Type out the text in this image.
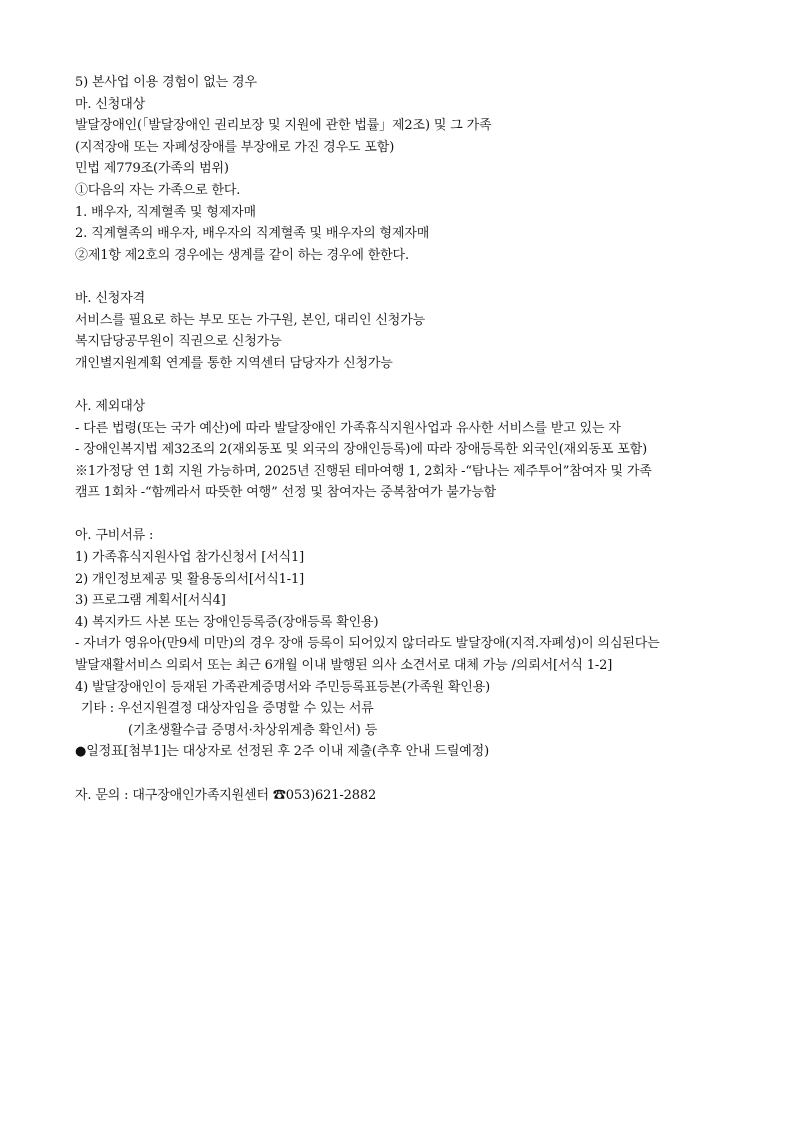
5) 본사업 이용 경험이 없는 경우
마. 신청대상
발달장애인(「발달장애인 권리보장 및 지원에 관한 법률」제2조) 및 그 가족
(지적장애 또는 자폐성장애를 부장애로 가진 경우도 포함)
민법 제779조(가족의 범위)
①다음의 자는 가족으로 한다.
1. 배우자, 직계혈족 및 형제자매
2. 직계혈족의 배우자, 배우자의 직계혈족 및 배우자의 형제자매
②제1항 제2호의 경우에는 생계를 같이 하는 경우에 한한다.
바. 신청자격
서비스를 필요로 하는 부모 또는 가구원, 본인, 대리인 신청가능
복지담당공무원이 직권으로 신청가능
개인별지원계획 연계를 통한 지역센터 담당자가 신청가능
사. 제외대상
- 다른 법령(또는 국가 예산)에 따라 발달장애인 가족휴식지원사업과 유사한 서비스를 받고 있는 자
- 장애인복지법 제32조의 2(재외동포 및 외국의 장애인등록)에 따라 장애등록한 외국인(재외동포 포함)
※1가정당 연 1회 지원 가능하며, 2025년 진행된 테마여행 1, 2회차 -“탐나는 제주투어”참여자 및 가족
캠프 1회차 -“함께라서 따뜻한 여행” 선정 및 참여자는 중복참여가 불가능함
아. 구비서류 :
1) 가족휴식지원사업 참가신청서 [서식1]
2) 개인정보제공 및 활용동의서[서식1-1]
3) 프로그램 계획서[서식4]
4) 복지카드 사본 또는 장애인등록증(장애등록 확인용)
- 자녀가 영유아(만9세 미만)의 경우 장애 등록이 되어있지 않더라도 발달장애(지적.자폐성)이 의심된다는
발달재활서비스 의뢰서 또는 최근 6개월 이내 발행된 의사 소견서로 대체 가능 /의뢰서[서식 1-2]
4) 발달장애인이 등재된 가족관계증명서와 주민등록표등본(가족원 확인용)
기타 : 우선지원결정 대상자임을 증명할 수 있는 서류
(기초생활수급 증명서·차상위계층 확인서) 등
●일정표[첨부1]는 대상자로 선정된 후 2주 이내 제출(추후 안내 드릴예정)
자. 문의 : 대구장애인가족지원센터 ☎053)621-2882
